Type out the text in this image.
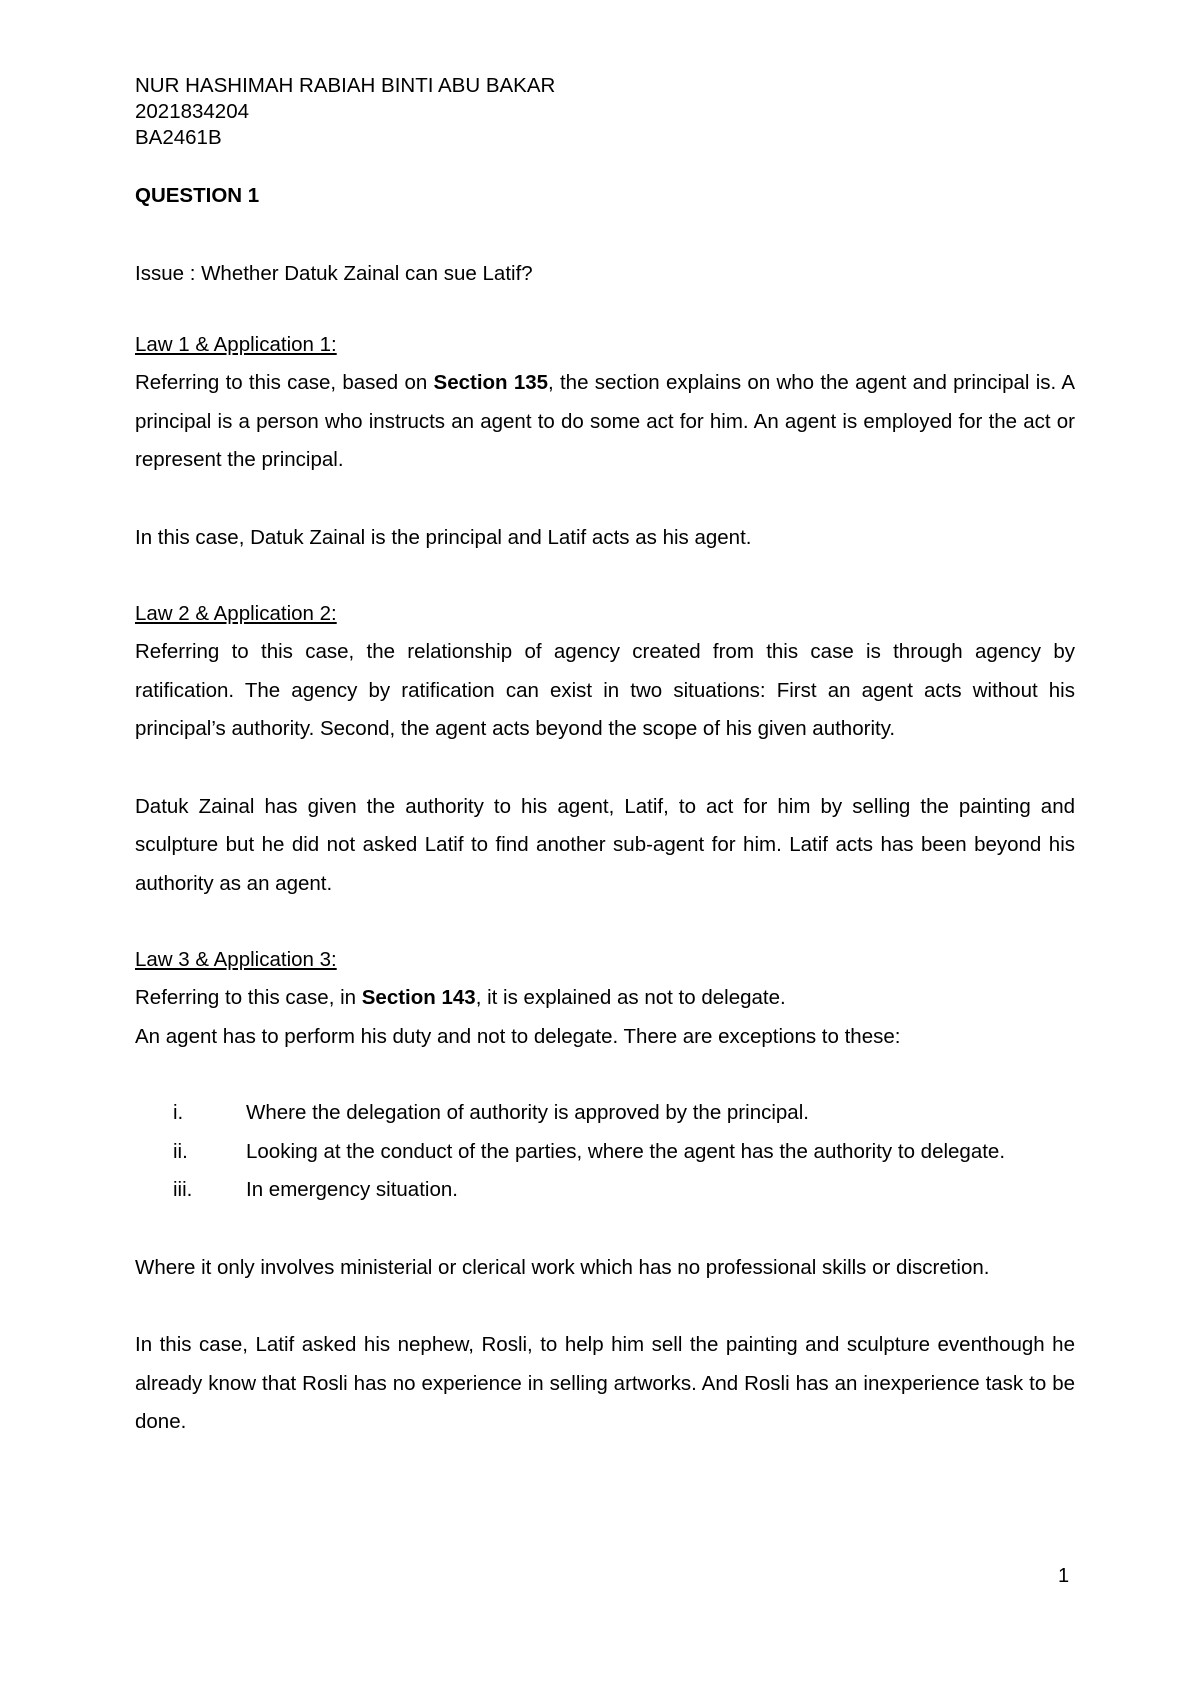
NUR HASHIMAH RABIAH BINTI ABU BAKAR

2021834204

BA2461B

QUESTION 1
Issue : Whether Datuk Zainal can sue Latif?
Law 1 & Application 1:

Referring to this case, based on Section 135, the section explains on who the agent and principal is. A principal is a person who instructs an agent to do some act for him. An agent is employed for the act or represent the principal.

In this case, Datuk Zainal is the principal and Latif acts as his agent.

Law 2 & Application 2:

Referring to this case, the relationship of agency created from this case is through agency by ratification. The agency by ratification can exist in two situations: First an agent acts without his principal’s authority. Second, the agent acts beyond the scope of his given authority.

Datuk Zainal has given the authority to his agent, Latif, to act for him by selling the painting and sculpture but he did not asked Latif to find another sub-agent for him. Latif acts has been beyond his authority as an agent.

Law 3 & Application 3:

Referring to this case, in Section 143, it is explained as not to delegate.

An agent has to perform his duty and not to delegate. There are exceptions to these:

i.	Where the delegation of authority is approved by the principal.
ii.	Looking at the conduct of the parties, where the agent has the authority to delegate.
iii.	In emergency situation.

Where it only involves ministerial or clerical work which has no professional skills or discretion.

In this case, Latif asked his nephew, Rosli, to help him sell the painting and sculpture eventhough he already know that Rosli has no experience in selling artworks. And Rosli has an inexperience task to be done.

1
